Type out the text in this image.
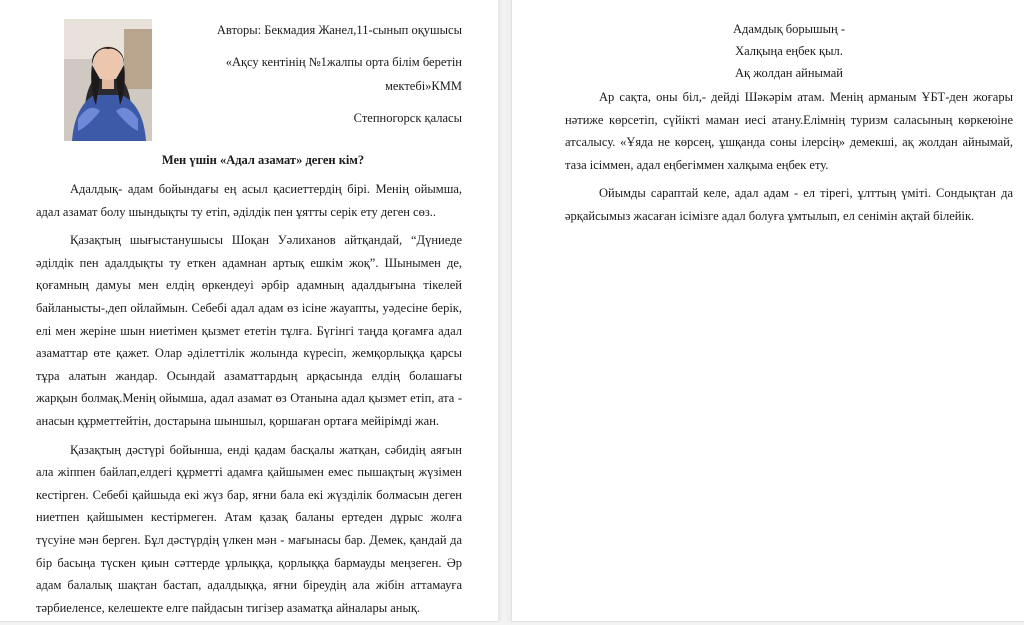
Авторы: Бекмадия Жанел,11-сынып оқушысы

«Ақсу кентінің №1жалпы орта білім беретін

мектебі»КММ

Степногорск қаласы

Мен үшін «Адал азамат» деген кім?

Адалдық- адам бойындағы ең асыл қасиеттердің бірі. Менің ойымша, адал азамат болу шындықты ту етіп, әділдік пен ұятты серік ету деген сөз..

Қазақтың шығыстанушысы Шоқан Уәлиханов айтқандай, “Дүниеде әділдік пен адалдықты ту еткен адамнан артық ешкім жоқ”. Шынымен де, қоғамның дамуы мен елдің өркендеуі әрбір адамның адалдығына тікелей байланысты-,деп ойлаймын. Себебі адал адам өз ісіне жауапты, уәдесіне берік, елі мен жеріне шын ниетімен қызмет ететін тұлға. Бүгінгі таңда қоғамға адал азаматтар өте қажет. Олар әділеттілік жолында күресіп, жемқорлыққа қарсы тұра алатын жандар. Осындай азаматтардың арқасында елдің болашағы жарқын болмақ.Менің ойымша, адал азамат өз Отанына адал қызмет етіп, ата - анасын құрметтейтін, достарына шыншыл, қоршаған ортаға мейірімді жан.

Қазақтың дәстүрі бойынша, енді қадам басқалы жатқан, сәбидің аяғын ала жіппен байлап,елдегі құрметті адамға қайшымен емес пышақтың жүзімен кестірген. Себебі қайшыда екі жүз бар, яғни бала екі жүзділік болмасын деген ниетпен қайшымен кестірмеген. Атам қазақ баланы ертеден дұрыс жолға түсуіне мән берген. Бұл дәстүрдің үлкен мән - мағынасы бар. Демек, қандай да бір басыңа түскен қиын сәттерде ұрлыққа, қорлыққа бармауды меңзеген. Әр адам балалық шақтан бастап, адалдыққа, яғни біреудің ала жібін аттамауға тәрбиеленсе, келешекте елге пайдасын тигізер азаматқа айналары анық.

Адамдық борышың -

Халқыңа еңбек қыл.

Ақ жолдан айнымай

Ар сақта, оны біл,- дейді Шәкәрім атам. Менің арманым ҰБТ-ден жоғары нәтиже көрсетіп, сүйікті маман иесі атану.Елімнің туризм саласының көркеюіне атсалысу. «Ұяда не көрсең, ұшқанда соны ілерсің» демекші, ақ жолдан айнымай, таза ісіммен, адал еңбегіммен халқыма еңбек ету.

Ойымды сараптай келе, адал адам - ел тірегі, ұлттың үміті. Сондықтан да әрқайсымыз жасаған ісімізге адал болуға ұмтылып, ел сенімін ақтай білейік.
